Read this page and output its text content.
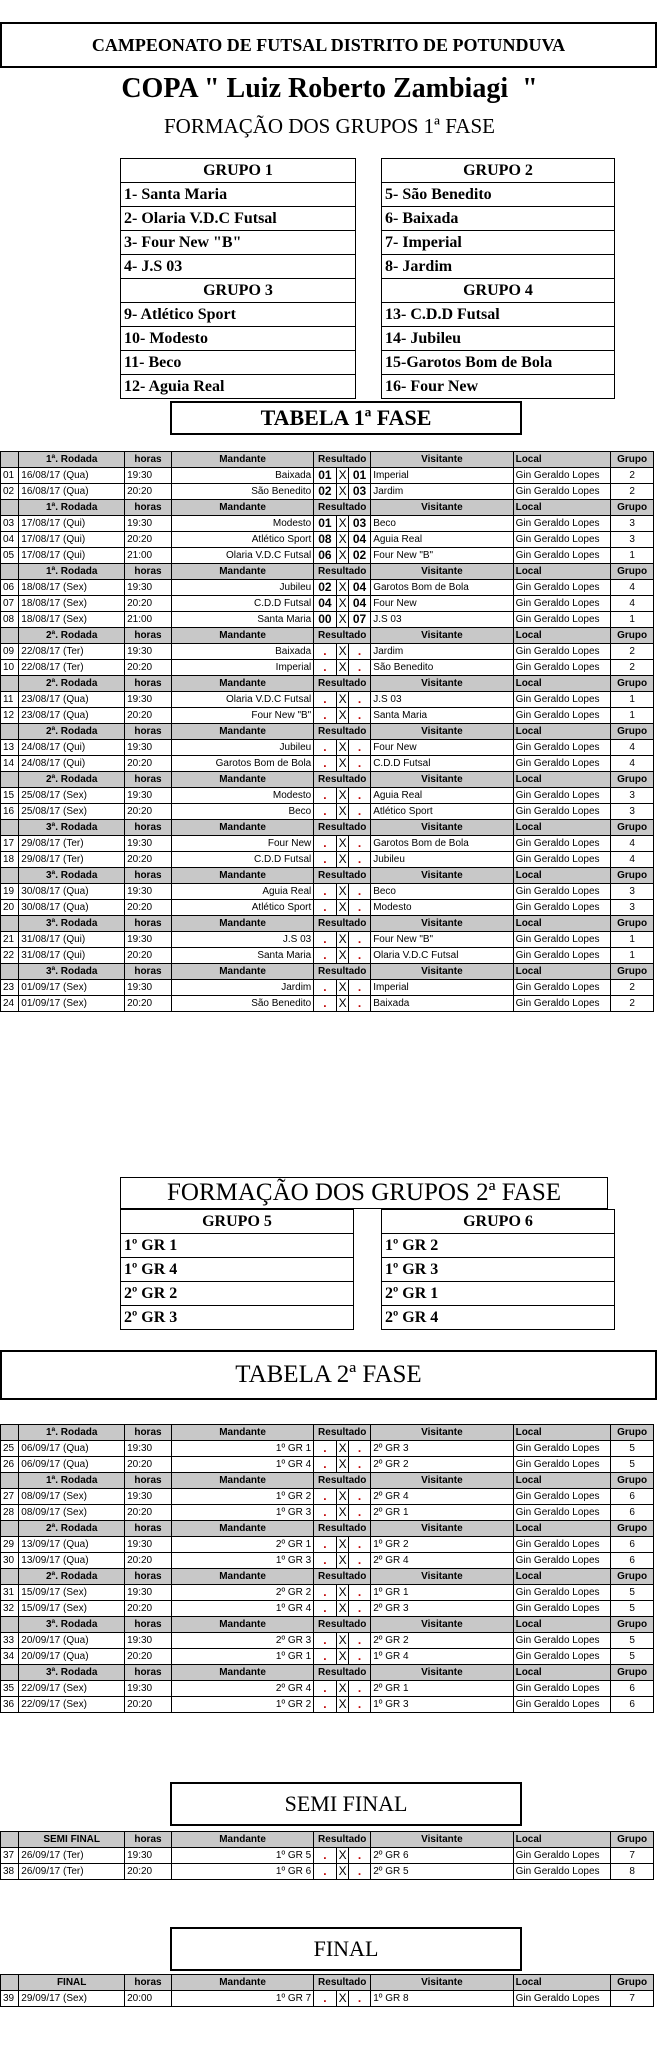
CAMPEONATO DE FUTSAL DISTRITO DE POTUNDUVA
COPA " Luiz Roberto Zambiagi  "
FORMAÇÃO DOS GRUPOS 1ª FASE
GRUPO 1
1- Santa Maria
2- Olaria V.D.C Futsal
3- Four New "B"
4- J.S 03
GRUPO 3
9- Atlético Sport
10- Modesto
11- Beco
12- Aguia Real
GRUPO 2
5- São Benedito
6- Baixada
7- Imperial
8- Jardim
GRUPO 4
13- C.D.D Futsal
14- Jubileu
15-Garotos Bom de Bola
16- Four New
TABELA 1ª FASE
	1ª. Rodada	horas	Mandante	Resultado			Visitante	Local	Grupo
01	16/08/17 (Qua)	19:30	Baixada	01	X	01	Imperial	Gin Geraldo Lopes	2
02	16/08/17 (Qua)	20:20	São Benedito	02	X	03	Jardim	Gin Geraldo Lopes	2
	1ª. Rodada	horas	Mandante	Resultado			Visitante	Local	Grupo
03	17/08/17 (Qui)	19:30	Modesto	01	X	03	Beco	Gin Geraldo Lopes	3
04	17/08/17 (Qui)	20:20	Atlético Sport	08	X	04	Aguia Real	Gin Geraldo Lopes	3
05	17/08/17 (Qui)	21:00	Olaria V.D.C Futsal	06	X	02	Four New "B"	Gin Geraldo Lopes	1
	1ª. Rodada	horas	Mandante	Resultado			Visitante	Local	Grupo
06	18/08/17 (Sex)	19:30	Jubileu	02	X	04	Garotos Bom de Bola	Gin Geraldo Lopes	4
07	18/08/17 (Sex)	20:20	C.D.D Futsal	04	X	04	Four New	Gin Geraldo Lopes	4
08	18/08/17 (Sex)	21:00	Santa Maria	00	X	07	J.S 03	Gin Geraldo Lopes	1
	2ª. Rodada	horas	Mandante	Resultado			Visitante	Local	Grupo
09	22/08/17 (Ter)	19:30	Baixada	.	X	.	Jardim	Gin Geraldo Lopes	2
10	22/08/17 (Ter)	20:20	Imperial	.	X	.	São Benedito	Gin Geraldo Lopes	2
	2ª. Rodada	horas	Mandante	Resultado			Visitante	Local	Grupo
11	23/08/17 (Qua)	19:30	Olaria V.D.C Futsal	.	X	.	J.S 03	Gin Geraldo Lopes	1
12	23/08/17 (Qua)	20:20	Four New "B"	.	X	.	Santa Maria	Gin Geraldo Lopes	1
	2ª. Rodada	horas	Mandante	Resultado			Visitante	Local	Grupo
13	24/08/17 (Qui)	19:30	Jubileu	.	X	.	Four New	Gin Geraldo Lopes	4
14	24/08/17 (Qui)	20:20	Garotos Bom de Bola	.	X	.	C.D.D Futsal	Gin Geraldo Lopes	4
	2ª. Rodada	horas	Mandante	Resultado			Visitante	Local	Grupo
15	25/08/17 (Sex)	19:30	Modesto	.	X	.	Aguia Real	Gin Geraldo Lopes	3
16	25/08/17 (Sex)	20:20	Beco	.	X	.	Atlético Sport	Gin Geraldo Lopes	3
	3ª. Rodada	horas	Mandante	Resultado			Visitante	Local	Grupo
17	29/08/17 (Ter)	19:30	Four New	.	X	.	Garotos Bom de Bola	Gin Geraldo Lopes	4
18	29/08/17 (Ter)	20:20	C.D.D Futsal	.	X	.	Jubileu	Gin Geraldo Lopes	4
	3ª. Rodada	horas	Mandante	Resultado			Visitante	Local	Grupo
19	30/08/17 (Qua)	19:30	Aguia Real	.	X	.	Beco	Gin Geraldo Lopes	3
20	30/08/17 (Qua)	20:20	Atlético Sport	.	X	.	Modesto	Gin Geraldo Lopes	3
	3ª. Rodada	horas	Mandante	Resultado			Visitante	Local	Grupo
21	31/08/17 (Qui)	19:30	J.S 03	.	X	.	Four New "B"	Gin Geraldo Lopes	1
22	31/08/17 (Qui)	20:20	Santa Maria	.	X	.	Olaria V.D.C Futsal	Gin Geraldo Lopes	1
	3ª. Rodada	horas	Mandante	Resultado			Visitante	Local	Grupo
23	01/09/17 (Sex)	19:30	Jardim	.	X	.	Imperial	Gin Geraldo Lopes	2
24	01/09/17 (Sex)	20:20	São Benedito	.	X	.	Baixada	Gin Geraldo Lopes	2
FORMAÇÃO DOS GRUPOS 2ª FASE
GRUPO 5
1º GR 1
1º GR 4
2º GR 2
2º GR 3
GRUPO 6
1º GR 2
1º GR 3
2º GR 1
2º GR 4
TABELA 2ª FASE
	1ª. Rodada	horas	Mandante	Resultado			Visitante	Local	Grupo
25	06/09/17 (Qua)	19:30	1º GR 1	.	X	.	2º GR 3	Gin Geraldo Lopes	5
26	06/09/17 (Qua)	20:20	1º GR 4	.	X	.	2º GR 2	Gin Geraldo Lopes	5
	1ª. Rodada	horas	Mandante	Resultado			Visitante	Local	Grupo
27	08/09/17 (Sex)	19:30	1º GR 2	.	X	.	2º GR 4	Gin Geraldo Lopes	6
28	08/09/17 (Sex)	20:20	1º GR 3	.	X	.	2º GR 1	Gin Geraldo Lopes	6
	2ª. Rodada	horas	Mandante	Resultado			Visitante	Local	Grupo
29	13/09/17 (Qua)	19:30	2º GR 1	.	X	.	1º GR 2	Gin Geraldo Lopes	6
30	13/09/17 (Qua)	20:20	1º GR 3	.	X	.	2º GR 4	Gin Geraldo Lopes	6
	2ª. Rodada	horas	Mandante	Resultado			Visitante	Local	Grupo
31	15/09/17 (Sex)	19:30	2º GR 2	.	X	.	1º GR 1	Gin Geraldo Lopes	5
32	15/09/17 (Sex)	20:20	1º GR 4	.	X	.	2º GR 3	Gin Geraldo Lopes	5
	3ª. Rodada	horas	Mandante	Resultado			Visitante	Local	Grupo
33	20/09/17 (Qua)	19:30	2º GR 3	.	X	.	2º GR 2	Gin Geraldo Lopes	5
34	20/09/17 (Qua)	20:20	1º GR 1	.	X	.	1º GR 4	Gin Geraldo Lopes	5
	3ª. Rodada	horas	Mandante	Resultado			Visitante	Local	Grupo
35	22/09/17 (Sex)	19:30	2º GR 4	.	X	.	2º GR 1	Gin Geraldo Lopes	6
36	22/09/17 (Sex)	20:20	1º GR 2	.	X	.	1º GR 3	Gin Geraldo Lopes	6
SEMI FINAL
	SEMI FINAL	horas	Mandante	Resultado			Visitante	Local	Grupo
37	26/09/17 (Ter)	19:30	1º GR 5	.	X	.	2º GR 6	Gin Geraldo Lopes	7
38	26/09/17 (Ter)	20:20	1º GR 6	.	X	.	2º GR 5	Gin Geraldo Lopes	8
FINAL
	FINAL	horas	Mandante	Resultado			Visitante	Local	Grupo
39	29/09/17 (Sex)	20:00	1º GR 7	.	X	.	1º GR 8	Gin Geraldo Lopes	7
